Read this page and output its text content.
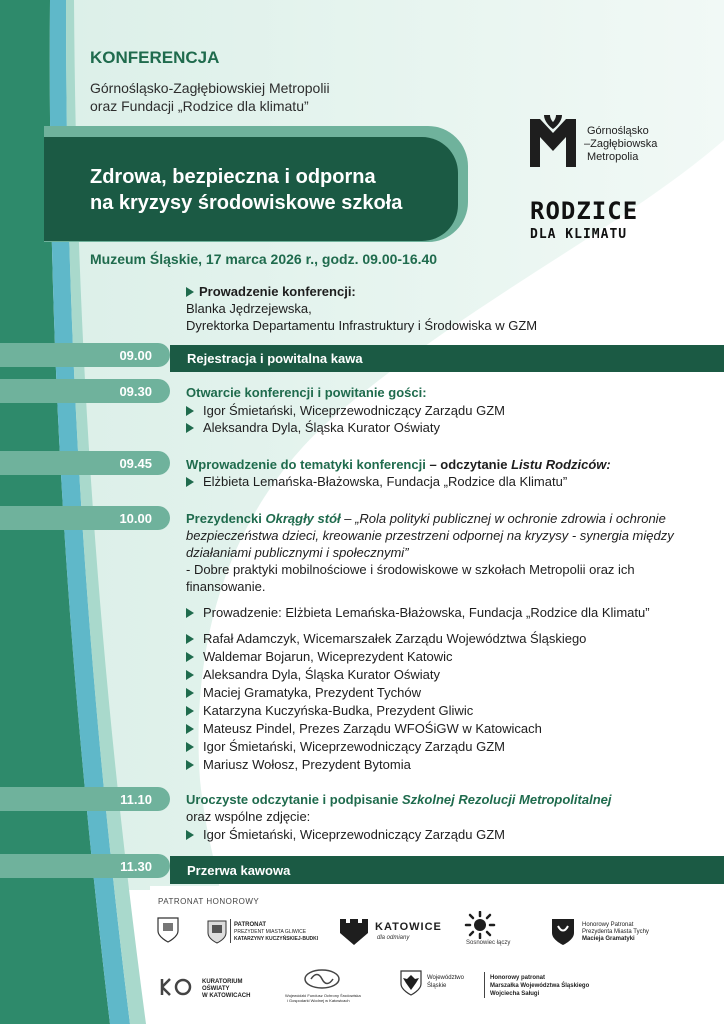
KONFERENCJA
Górnośląsko-Zagłębiowskiej Metropolii
oraz Fundacji „Rodzice dla klimatu”
Zdrowa, bezpieczna i odporna
na kryzysy środowiskowe szkoła
Muzeum Śląskie, 17 marca 2026 r., godz. 09.00-16.40
Górnośląsko
–Zagłębiowska
Metropolia
RODZICE
DLA KLIMATU
Prowadzenie konferencji:
Blanka Jędrzejewska,
Dyrektorka Departamentu Infrastruktury i Środowiska w GZM
09.00	Rejestracja i powitalna kawa
09.30	Otwarcie konferencji i powitanie gości:
Igor Śmietański, Wiceprzewodniczący Zarządu GZM
Aleksandra Dyla, Śląska Kurator Oświaty
09.45	Wprowadzenie do tematyki konferencji – odczytanie Listu Rodziców:
Elżbieta Lemańska-Błażowska, Fundacja „Rodzice dla Klimatu”
10.00	Prezydencki Okrągły stół – „Rola polityki publicznej w ochronie zdrowia i ochronie
bezpieczeństwa dzieci, kreowanie przestrzeni odpornej na kryzysy - synergia między
działaniami publicznymi i społecznymi”
- Dobre praktyki mobilnościowe i środowiskowe w szkołach Metropolii oraz ich
finansowanie.
Prowadzenie: Elżbieta Lemańska-Błażowska, Fundacja „Rodzice dla Klimatu”
Rafał Adamczyk, Wicemarszałek Zarządu Województwa Śląskiego
Waldemar Bojarun, Wiceprezydent Katowic
Aleksandra Dyla, Śląska Kurator Oświaty
Maciej Gramatyka, Prezydent Tychów
Katarzyna Kuczyńska-Budka, Prezydent Gliwic
Mateusz Pindel, Prezes Zarządu WFOŚiGW w Katowicach
Igor Śmietański, Wiceprzewodniczący Zarządu GZM
Mariusz Wołosz, Prezydent Bytomia
11.10	Uroczyste odczytanie i podpisanie Szkolnej Rezolucji Metropolitalnej
oraz wspólne zdjęcie:
Igor Śmietański, Wiceprzewodniczący Zarządu GZM
11.30	Przerwa kawowa
PATRONAT HONOROWY
PATRONAT
PREZYDENT MIASTA GLIWICE
KATARZYNY KUCZYŃSKIEJ-BUDKI
KATOWICE
dla odmiany
Sosnowiec łączy
Honorowy Patronat
Prezydenta Miasta Tychy
Macieja Gramatyki
KURATORIUM
OŚWIATY
W KATOWICACH	Wojewódzki Fundusz Ochrony Środowiska
i Gospodarki Wodnej w Katowicach
Województwo
Śląskie
Honorowy patronat
Marszałka Województwa Śląskiego
Wojciecha Saługi
